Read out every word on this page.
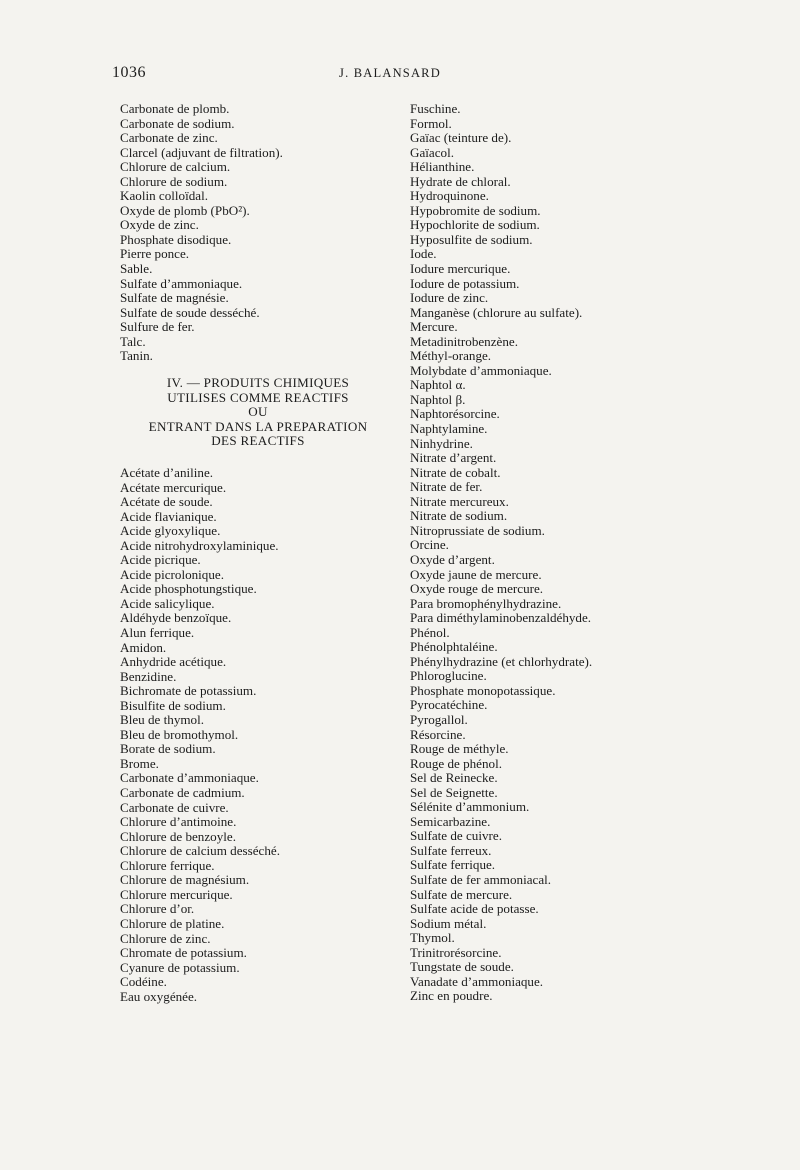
1036	J. BALANSARD
Carbonate de plomb.
Carbonate de sodium.
Carbonate de zinc.
Clarcel (adjuvant de filtration).
Chlorure de calcium.
Chlorure de sodium.
Kaolin colloïdal.
Oxyde de plomb (PbO²).
Oxyde de zinc.
Phosphate disodique.
Pierre ponce.
Sable.
Sulfate d’ammoniaque.
Sulfate de magnésie.
Sulfate de soude desséché.
Sulfure de fer.
Talc.
Tanin.
IV. — PRODUITS CHIMIQUES
UTILISES COMME REACTIFS
OU
ENTRANT DANS LA PREPARATION
DES REACTIFS
Acétate d’aniline.
Acétate mercurique.
Acétate de soude.
Acide flavianique.
Acide glyoxylique.
Acide nitrohydroxylaminique.
Acide picrique.
Acide picrolonique.
Acide phosphotungstique.
Acide salicylique.
Aldéhyde benzoïque.
Alun ferrique.
Amidon.
Anhydride acétique.
Benzidine.
Bichromate de potassium.
Bisulfite de sodium.
Bleu de thymol.
Bleu de bromothymol.
Borate de sodium.
Brome.
Carbonate d’ammoniaque.
Carbonate de cadmium.
Carbonate de cuivre.
Chlorure d’antimoine.
Chlorure de benzoyle.
Chlorure de calcium desséché.
Chlorure ferrique.
Chlorure de magnésium.
Chlorure mercurique.
Chlorure d’or.
Chlorure de platine.
Chlorure de zinc.
Chromate de potassium.
Cyanure de potassium.
Codéine.
Eau oxygénée.
Fuschine.
Formol.
Gaïac (teinture de).
Gaïacol.
Hélianthine.
Hydrate de chloral.
Hydroquinone.
Hypobromite de sodium.
Hypochlorite de sodium.
Hyposulfite de sodium.
Iode.
Iodure mercurique.
Iodure de potassium.
Iodure de zinc.
Manganèse (chlorure au sulfate).
Mercure.
Metadinitrobenzène.
Méthyl-orange.
Molybdate d’ammoniaque.
Naphtol α.
Naphtol β.
Naphtorésorcine.
Naphtylamine.
Ninhydrine.
Nitrate d’argent.
Nitrate de cobalt.
Nitrate de fer.
Nitrate mercureux.
Nitrate de sodium.
Nitroprussiate de sodium.
Orcine.
Oxyde d’argent.
Oxyde jaune de mercure.
Oxyde rouge de mercure.
Para bromophénylhydrazine.
Para diméthylaminobenzaldéhyde.
Phénol.
Phénolphtaléine.
Phénylhydrazine (et chlorhydrate).
Phloroglucine.
Phosphate monopotassique.
Pyrocatéchine.
Pyrogallol.
Résorcine.
Rouge de méthyle.
Rouge de phénol.
Sel de Reinecke.
Sel de Seignette.
Sélénite d’ammonium.
Semicarbazine.
Sulfate de cuivre.
Sulfate ferreux.
Sulfate ferrique.
Sulfate de fer ammoniacal.
Sulfate de mercure.
Sulfate acide de potasse.
Sodium métal.
Thymol.
Trinitrorésorcine.
Tungstate de soude.
Vanadate d’ammoniaque.
Zinc en poudre.
